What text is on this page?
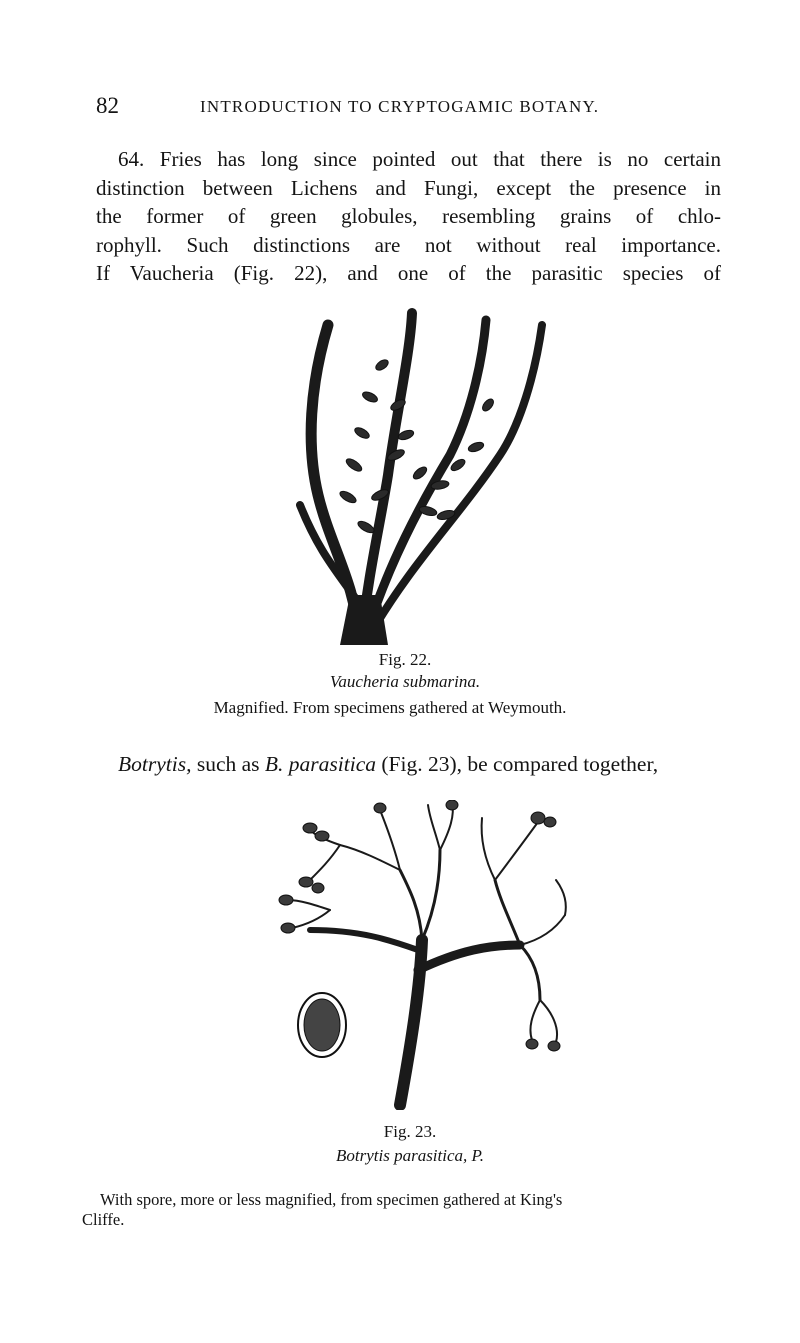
82	INTRODUCTION TO CRYPTOGAMIC BOTANY.
64. Fries has long since pointed out that there is no certain
distinction between Lichens and Fungi, except the presence in
the former of green globules, resembling grains of chlo-
rophyll. Such distinctions are not without real importance.
If Vaucheria (Fig. 22), and one of the parasitic species of
Fig. 22.
Vaucheria submarina.
Magnified. From specimens gathered at Weymouth.
Botrytis, such as B. parasitica (Fig. 23), be compared together,
Fig. 23.
Botrytis parasitica, P.
With spore, more or less magnified, from specimen gathered at King's
Cliffe.
